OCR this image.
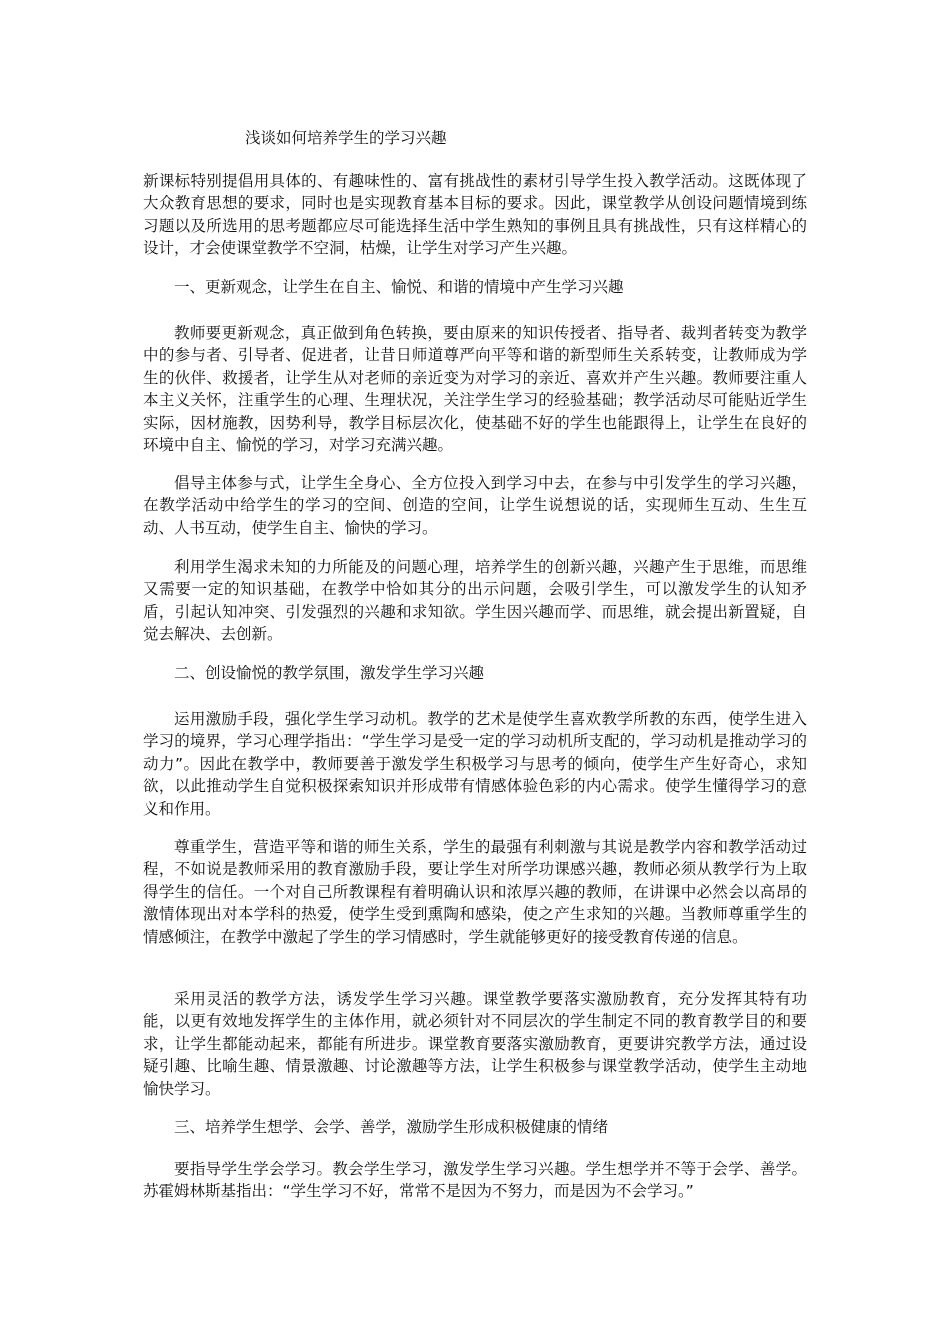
浅谈如何培养学生的学习兴趣

新课标特别提倡用具体的、有趣味性的、富有挑战性的素材引导学生投入教学活动。这既体现了大众教育思想的要求，同时也是实现教育基本目标的要求。因此，课堂教学从创设问题情境到练习题以及所选用的思考题都应尽可能选择生活中学生熟知的事例且具有挑战性，只有这样精心的设计，才会使课堂教学不空洞，枯燥，让学生对学习产生兴趣。

一、更新观念，让学生在自主、愉悦、和谐的情境中产生学习兴趣

教师要更新观念，真正做到角色转换，要由原来的知识传授者、指导者、裁判者转变为教学中的参与者、引导者、促进者，让昔日师道尊严向平等和谐的新型师生关系转变，让教师成为学生的伙伴、救援者，让学生从对老师的亲近变为对学习的亲近、喜欢并产生兴趣。教师要注重人本主义关怀，注重学生的心理、生理状况，关注学生学习的经验基础；教学活动尽可能贴近学生实际，因材施教，因势利导，教学目标层次化，使基础不好的学生也能跟得上，让学生在良好的环境中自主、愉悦的学习，对学习充满兴趣。

倡导主体参与式，让学生全身心、全方位投入到学习中去，在参与中引发学生的学习兴趣，在教学活动中给学生的学习的空间、创造的空间，让学生说想说的话，实现师生互动、生生互动、人书互动，使学生自主、愉快的学习。

利用学生渴求未知的力所能及的问题心理，培养学生的创新兴趣，兴趣产生于思维，而思维又需要一定的知识基础，在教学中恰如其分的出示问题，会吸引学生，可以激发学生的认知矛盾，引起认知冲突、引发强烈的兴趣和求知欲。学生因兴趣而学、而思维，就会提出新置疑，自觉去解决、去创新。

二、创设愉悦的教学氛围，激发学生学习兴趣

运用激励手段，强化学生学习动机。教学的艺术是使学生喜欢教学所教的东西，使学生进入学习的境界，学习心理学指出：“学生学习是受一定的学习动机所支配的，学习动机是推动学习的动力”。因此在教学中，教师要善于激发学生积极学习与思考的倾向，使学生产生好奇心，求知欲，以此推动学生自觉积极探索知识并形成带有情感体验色彩的内心需求。使学生懂得学习的意义和作用。

尊重学生，营造平等和谐的师生关系，学生的最强有利刺激与其说是教学内容和教学活动过程，不如说是教师采用的教育激励手段，要让学生对所学功课感兴趣，教师必须从教学行为上取得学生的信任。一个对自己所教课程有着明确认识和浓厚兴趣的教师，在讲课中必然会以高昂的激情体现出对本学科的热爱，使学生受到熏陶和感染，使之产生求知的兴趣。当教师尊重学生的情感倾注，在教学中激起了学生的学习情感时，学生就能够更好的接受教育传递的信息。

采用灵活的教学方法，诱发学生学习兴趣。课堂教学要落实激励教育，充分发挥其特有功能，以更有效地发挥学生的主体作用，就必须针对不同层次的学生制定不同的教育教学目的和要求，让学生都能动起来，都能有所进步。课堂教育要落实激励教育，更要讲究教学方法，通过设疑引趣、比喻生趣、情景激趣、讨论激趣等方法，让学生积极参与课堂教学活动，使学生主动地愉快学习。

三、培养学生想学、会学、善学，激励学生形成积极健康的情绪

要指导学生学会学习。教会学生学习，激发学生学习兴趣。学生想学并不等于会学、善学。苏霍姆林斯基指出：“学生学习不好，常常不是因为不努力，而是因为不会学习。”
